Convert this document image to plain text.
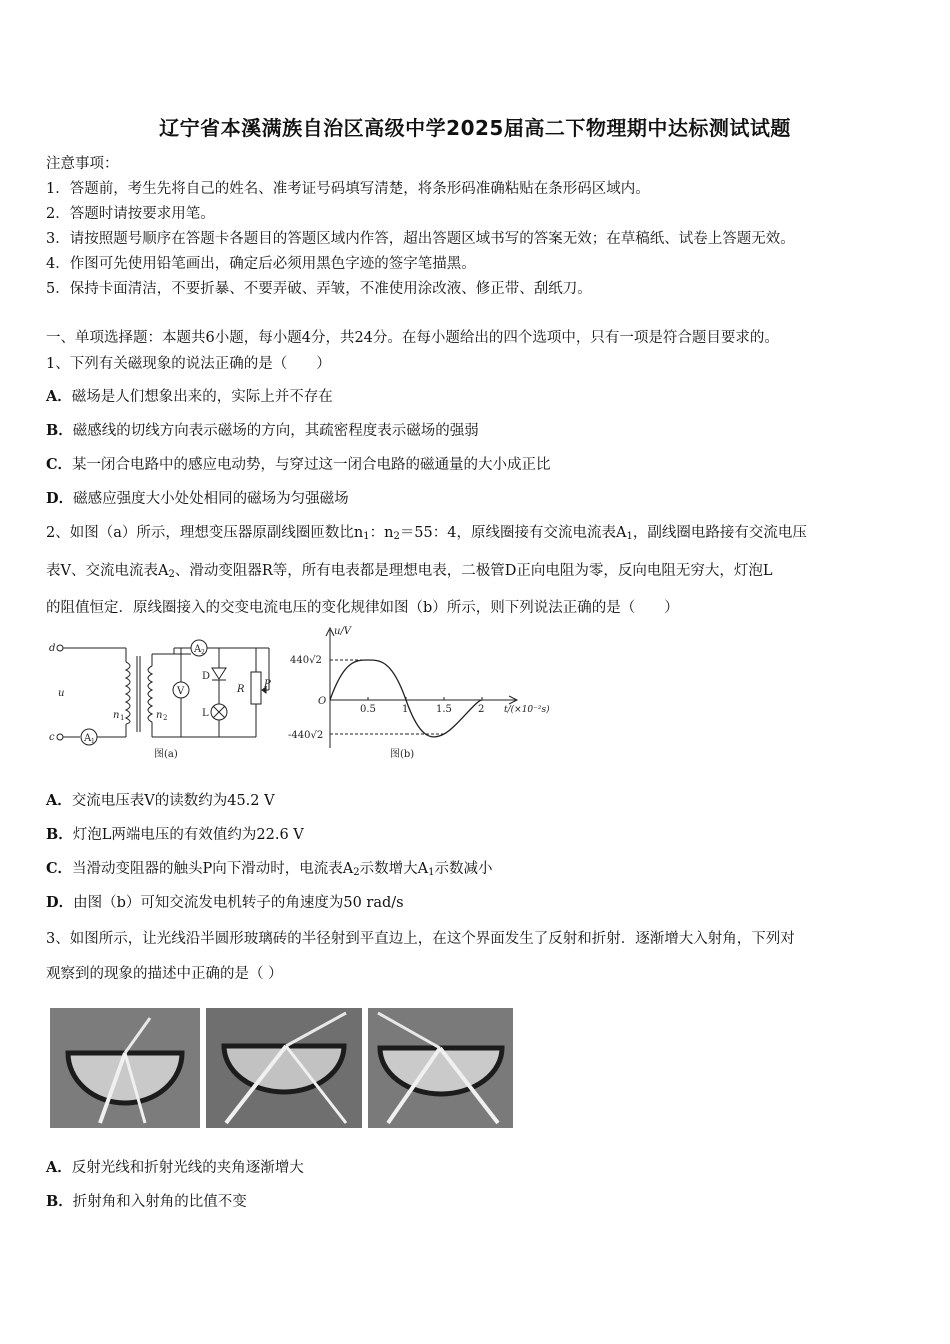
辽宁省本溪满族自治区高级中学2025届高二下物理期中达标测试试题
注意事项：
1．答题前，考生先将自己的姓名、准考证号码填写清楚，将条形码准确粘贴在条形码区域内。
2．答题时请按要求用笔。
3．请按照题号顺序在答题卡各题目的答题区域内作答，超出答题区域书写的答案无效；在草稿纸、试卷上答题无效。
4．作图可先使用铅笔画出，确定后必须用黑色字迹的签字笔描黑。
5．保持卡面清洁，不要折暴、不要弄破、弄皱，不准使用涂改液、修正带、刮纸刀。
一、单项选择题：本题共6小题，每小题4分，共24分。在每小题给出的四个选项中，只有一项是符合题目要求的。
1、下列有关磁现象的说法正确的是（　　）
A．磁场是人们想象出来的，实际上并不存在
B．磁感线的切线方向表示磁场的方向，其疏密程度表示磁场的强弱
C．某一闭合电路中的感应电动势，与穿过这一闭合电路的磁通量的大小成正比
D．磁感应强度大小处处相同的磁场为匀强磁场
2、如图（a）所示，理想变压器原副线圈匝数比$n_1$：$n_2=55$：4，原线圈接有交流电流表$A_1$，副线圈电路接有交流电压
表V、交流电流表$A_2$、滑动变阻器R等，所有电表都是理想电表，二极管D正向电阻为零，反向电阻无穷大，灯泡L
的阻值恒定．原线圈接入的交变电流电压的变化规律如图（b）所示，则下列说法正确的是（　　）
d
c
u
n 1	n 2
A 1
A 2
V
D
L
R P
图(a)
u/V
O
440√2
-440√2
0.5	1	1.5	2 t/(×10⁻²s)
图(b)
A．交流电压表V的读数约为45.2 V
B．灯泡L两端电压的有效值约为22.6 V
C．当滑动变阻器的触头P向下滑动时，电流表$A_2$示数增大$A_1$示数减小
D．由图（b）可知交流发电机转子的角速度为50 rad/s
3、如图所示，让光线沿半圆形玻璃砖的半径射到平直边上，在这个界面发生了反射和折射．逐渐增大入射角，下列对
观察到的现象的描述中正确的是（ ）
A．反射光线和折射光线的夹角逐渐增大
B．折射角和入射角的比值不变
